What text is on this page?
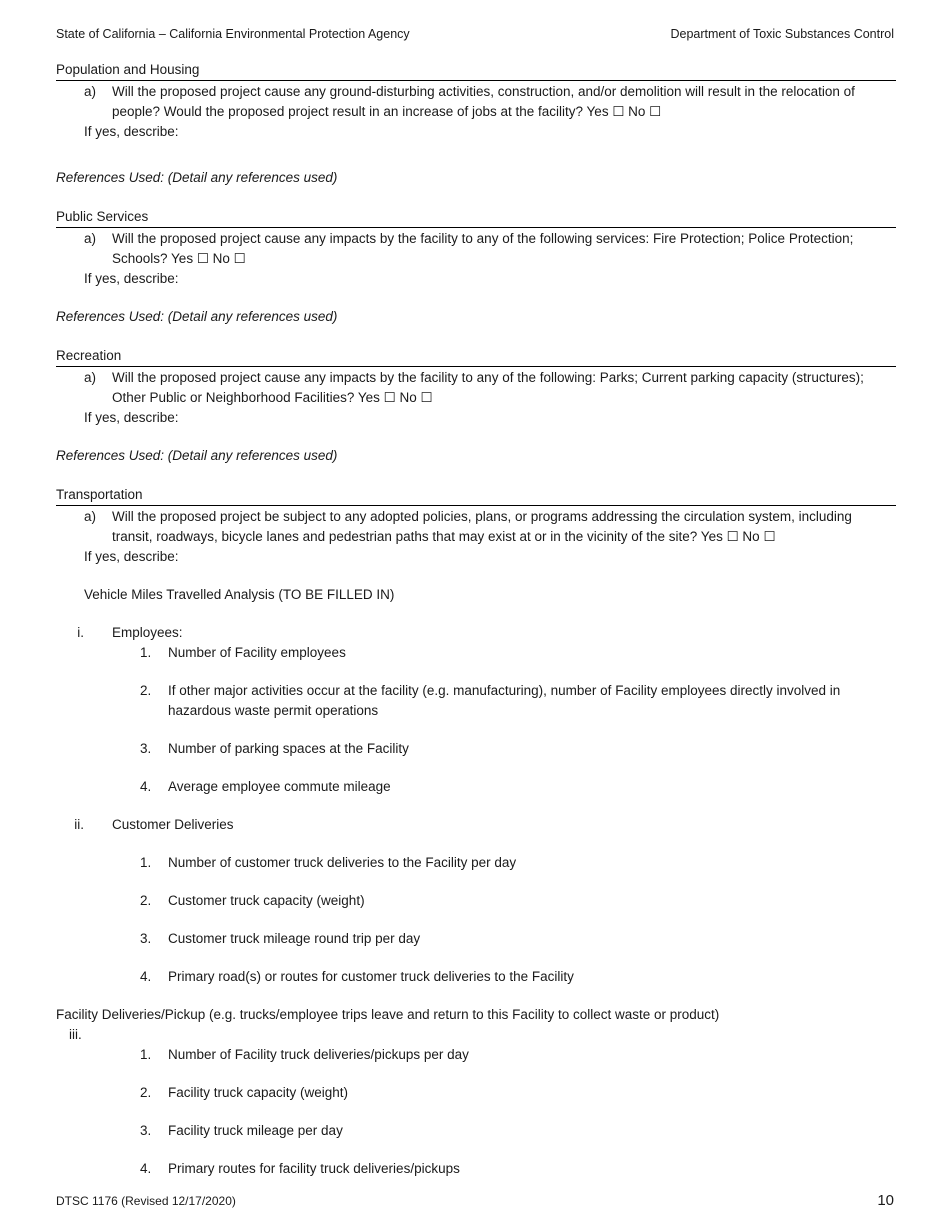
State of California – California Environmental Protection Agency	Department of Toxic Substances Control
Population and Housing
a)	Will the proposed project cause any ground-disturbing activities, construction, and/or demolition will result in the relocation of people? Would the proposed project result in an increase of jobs at the facility? Yes ☐ No ☐
If yes, describe:
References Used: (Detail any references used)
Public Services
a)	Will the proposed project cause any impacts by the facility to any of the following services: Fire Protection; Police Protection; Schools? Yes ☐ No ☐
If yes, describe:
References Used: (Detail any references used)
Recreation
a)	Will the proposed project cause any impacts by the facility to any of the following: Parks; Current parking capacity (structures); Other Public or Neighborhood Facilities? Yes ☐ No ☐
If yes, describe:
References Used: (Detail any references used)
Transportation
a)	Will the proposed project be subject to any adopted policies, plans, or programs addressing the circulation system, including transit, roadways, bicycle lanes and pedestrian paths that may exist at or in the vicinity of the site? Yes ☐ No ☐
If yes, describe:
Vehicle Miles Travelled Analysis (TO BE FILLED IN)
i.	Employees:
1.	Number of Facility employees
2.	If other major activities occur at the facility (e.g. manufacturing), number of Facility employees directly involved in hazardous waste permit operations
3.	Number of parking spaces at the Facility
4.	Average employee commute mileage
ii.	Customer Deliveries
1.	Number of customer truck deliveries to the Facility per day
2.	Customer truck capacity (weight)
3.	Customer truck mileage round trip per day
4.	Primary road(s) or routes for customer truck deliveries to the Facility
Facility Deliveries/Pickup (e.g. trucks/employee trips leave and return to this Facility to collect waste or product)
iii.
1.	Number of Facility truck deliveries/pickups per day
2.	Facility truck capacity (weight)
3.	Facility truck mileage per day
4.	Primary routes for facility truck deliveries/pickups
DTSC 1176 (Revised 12/17/2020)	10
